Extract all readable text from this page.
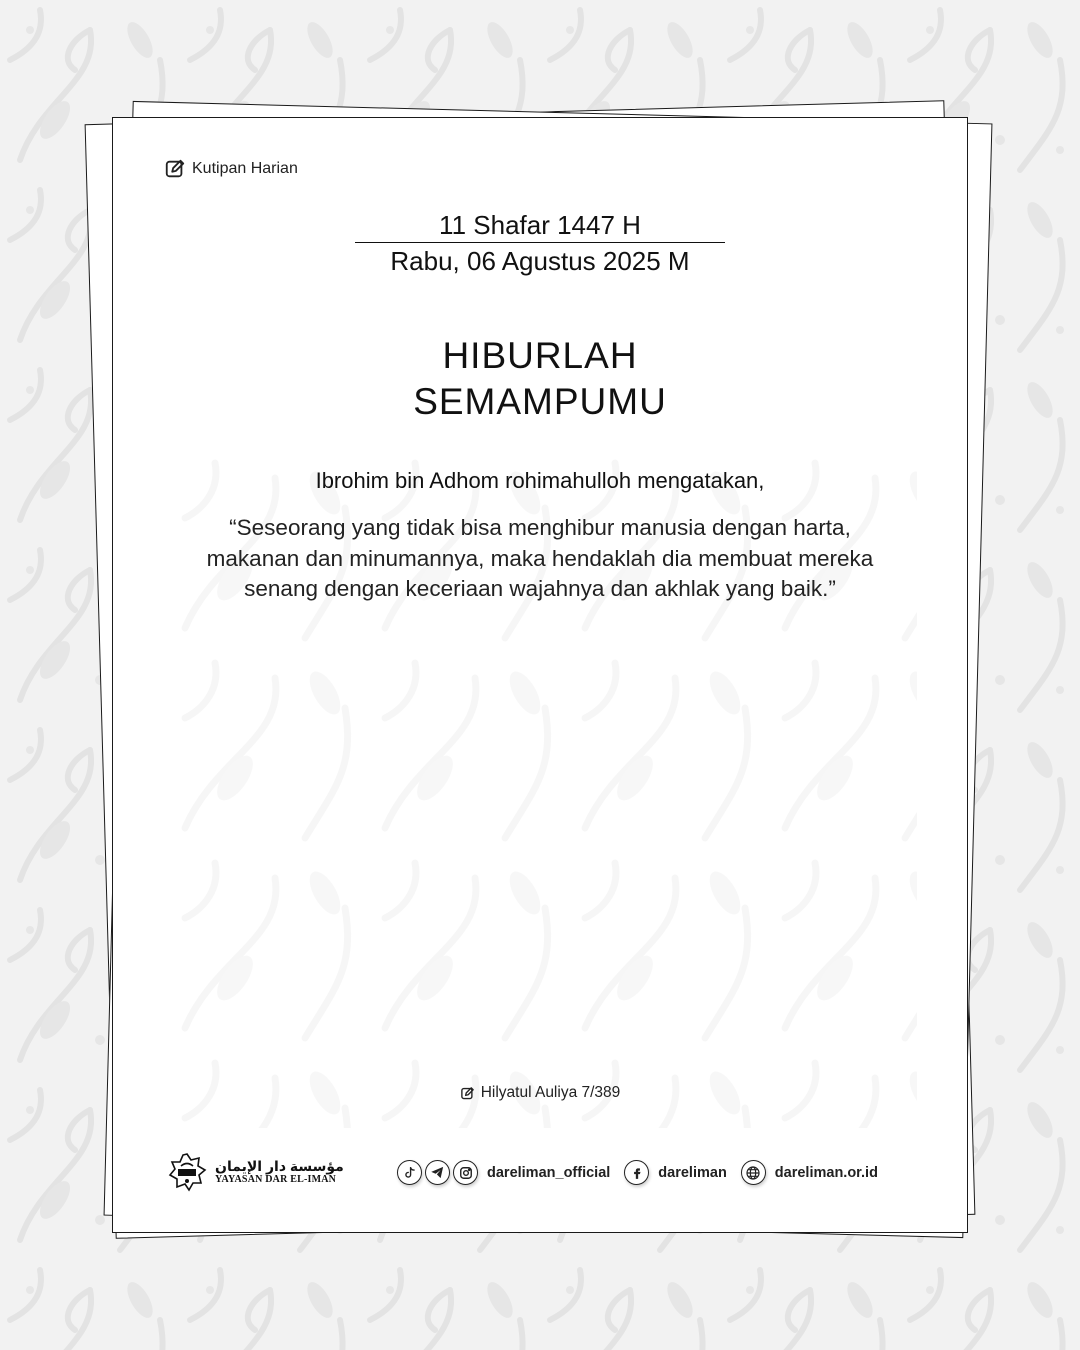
Kutipan Harian
11 Shafar 1447 H
Rabu, 06 Agustus 2025 M
HIBURLAH
SEMAMPUMU
Ibrohim bin Adhom rohimahulloh mengatakan,
“Seseorang yang tidak bisa menghibur manusia dengan harta, makanan dan minumannya, maka hendaklah dia membuat mereka senang dengan keceriaan wajahnya dan akhlak yang baik.”
Hilyatul Auliya 7/389
مؤسسة دار الإيمان
YAYASAN DAR EL-IMAN	dareliman_official	dareliman	dareliman.or.id
